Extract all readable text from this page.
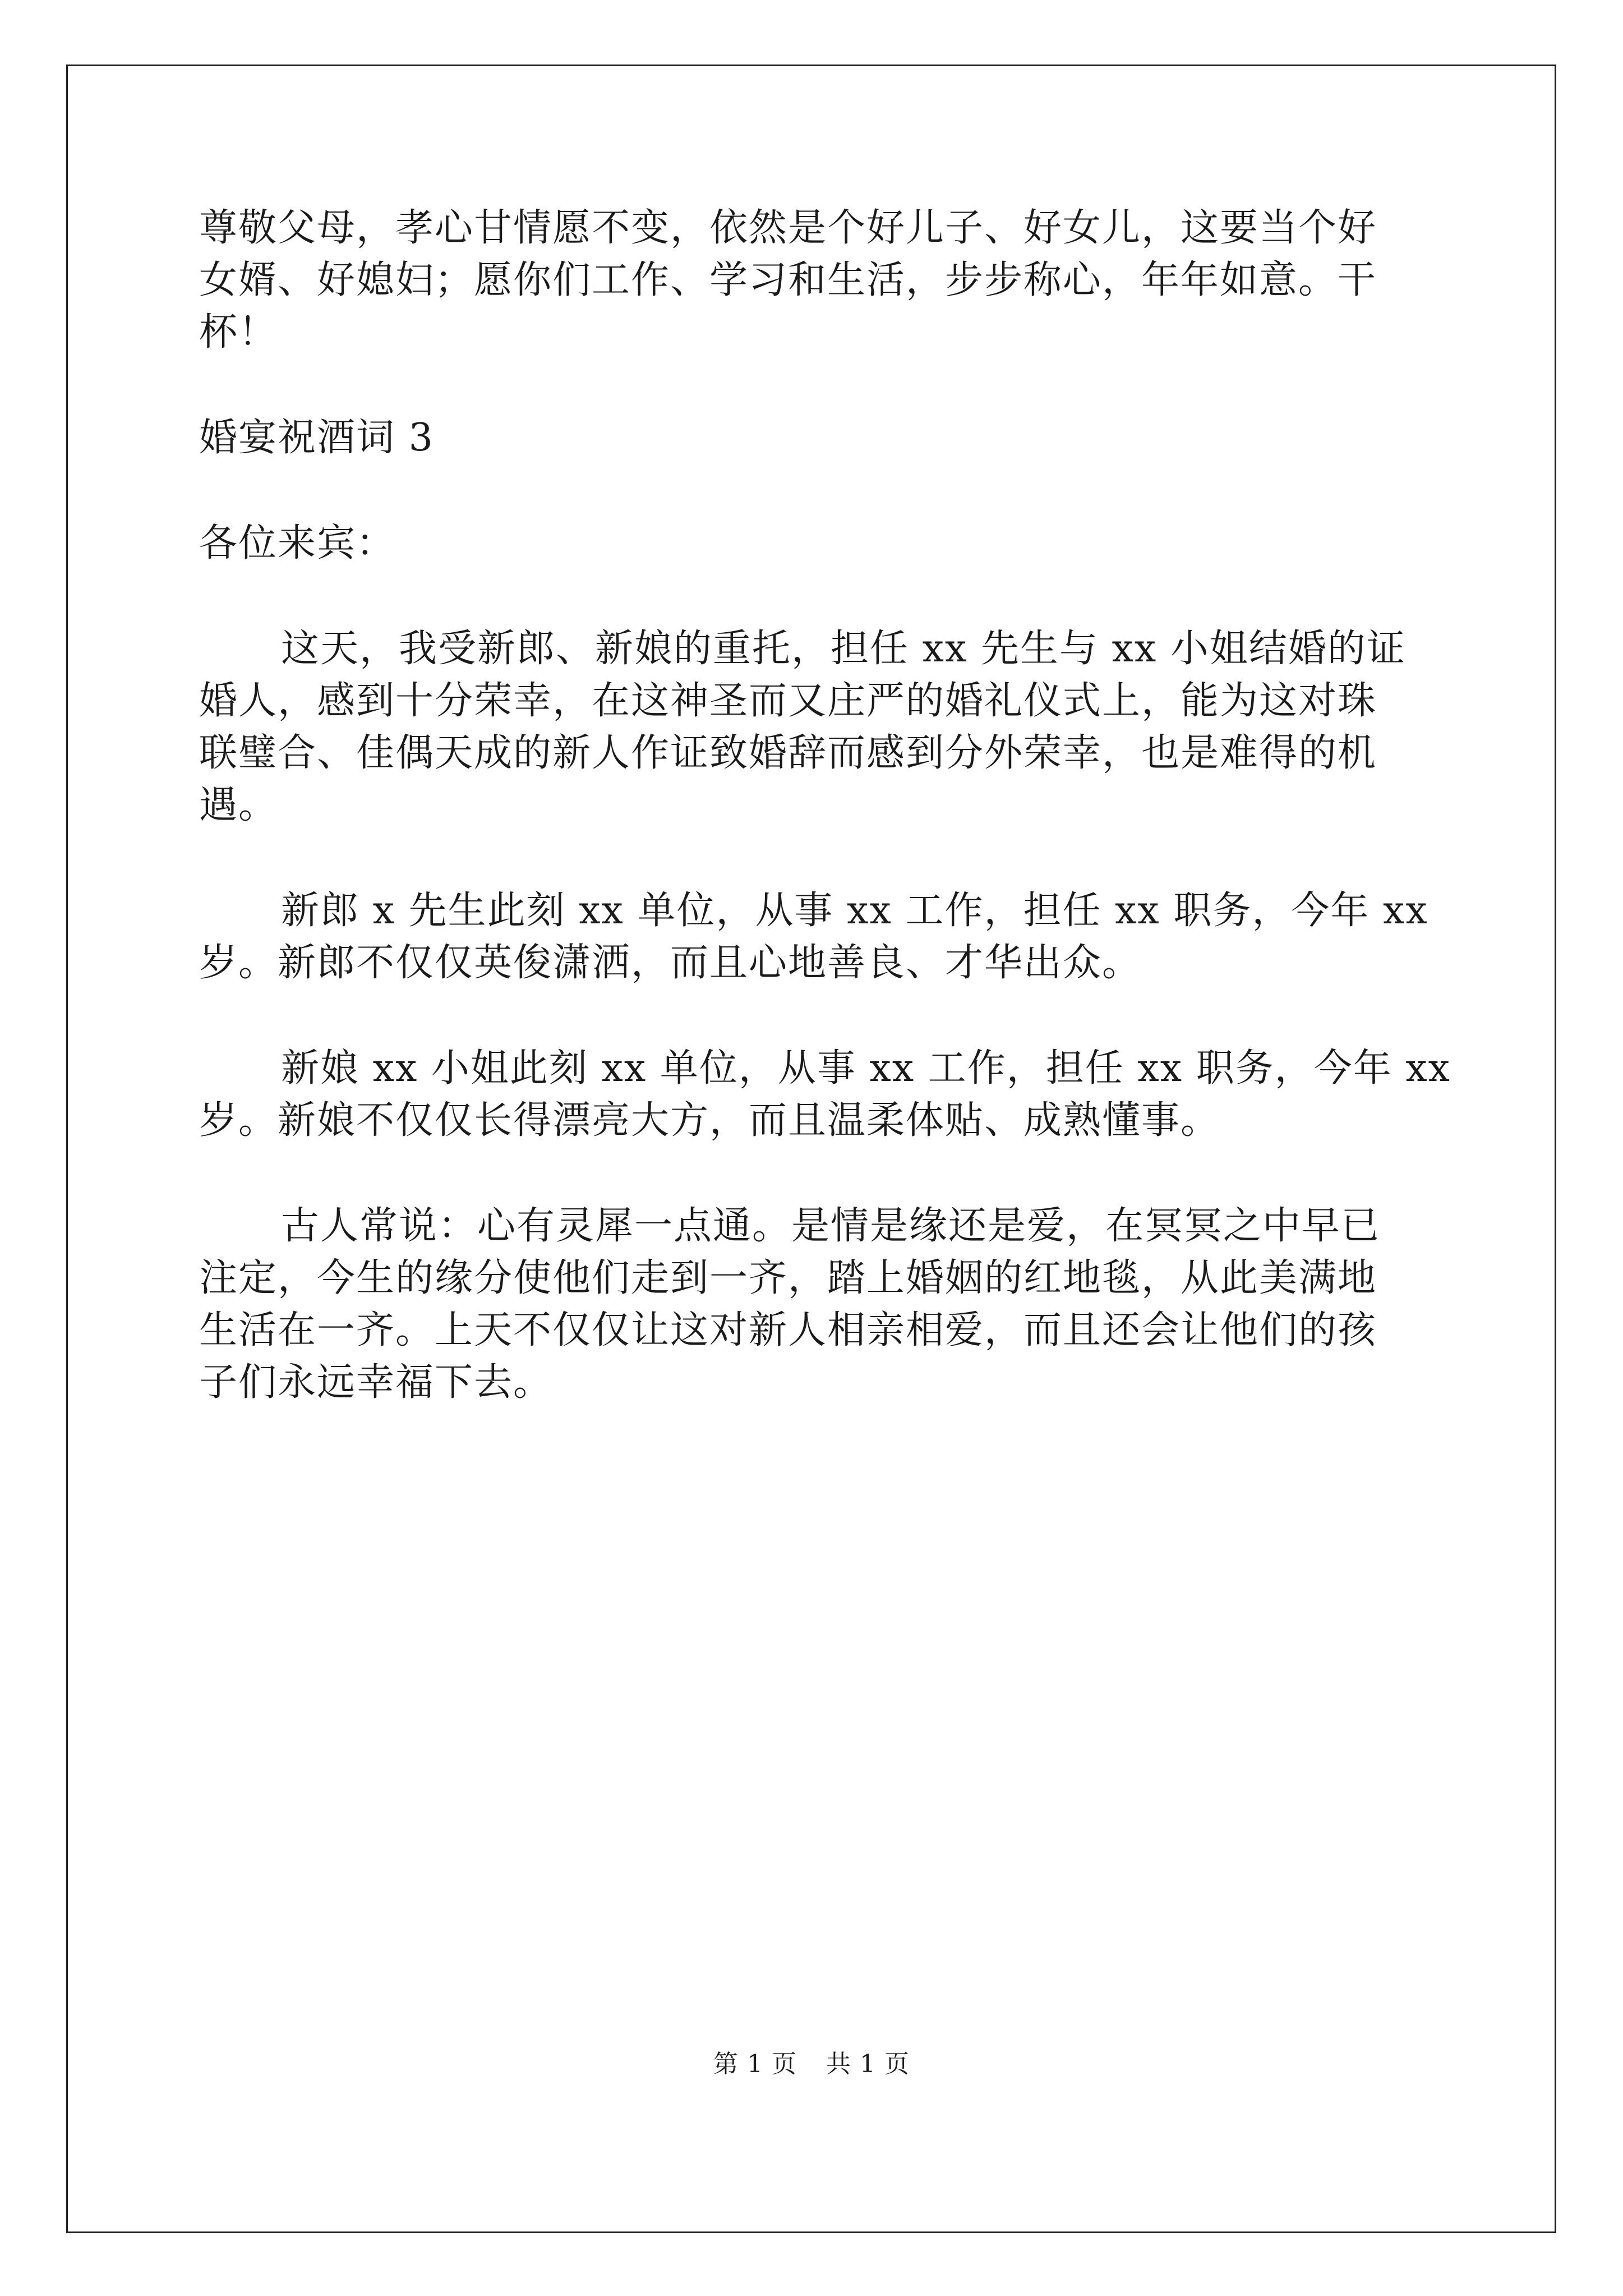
尊敬父母，孝心甘情愿不变，依然是个好儿子、好女儿，这要当个好

女婿、好媳妇；愿你们工作、学习和生活，步步称心，年年如意。干

杯！

婚宴祝酒词 3

各位来宾：

这天，我受新郎、新娘的重托，担任 xx 先生与 xx 小姐结婚的证

婚人，感到十分荣幸，在这神圣而又庄严的婚礼仪式上，能为这对珠

联璧合、佳偶天成的新人作证致婚辞而感到分外荣幸，也是难得的机

遇。

新郎 x 先生此刻 xx 单位，从事 xx 工作，担任 xx 职务，今年 xx

岁。新郎不仅仅英俊潇洒，而且心地善良、才华出众。

新娘 xx 小姐此刻 xx 单位，从事 xx 工作，担任 xx 职务，今年 xx

岁。新娘不仅仅长得漂亮大方，而且温柔体贴、成熟懂事。

古人常说：心有灵犀一点通。是情是缘还是爱，在冥冥之中早已

注定，今生的缘分使他们走到一齐，踏上婚姻的红地毯，从此美满地

生活在一齐。上天不仅仅让这对新人相亲相爱，而且还会让他们的孩

子们永远幸福下去。

第 1 页 共 1 页
